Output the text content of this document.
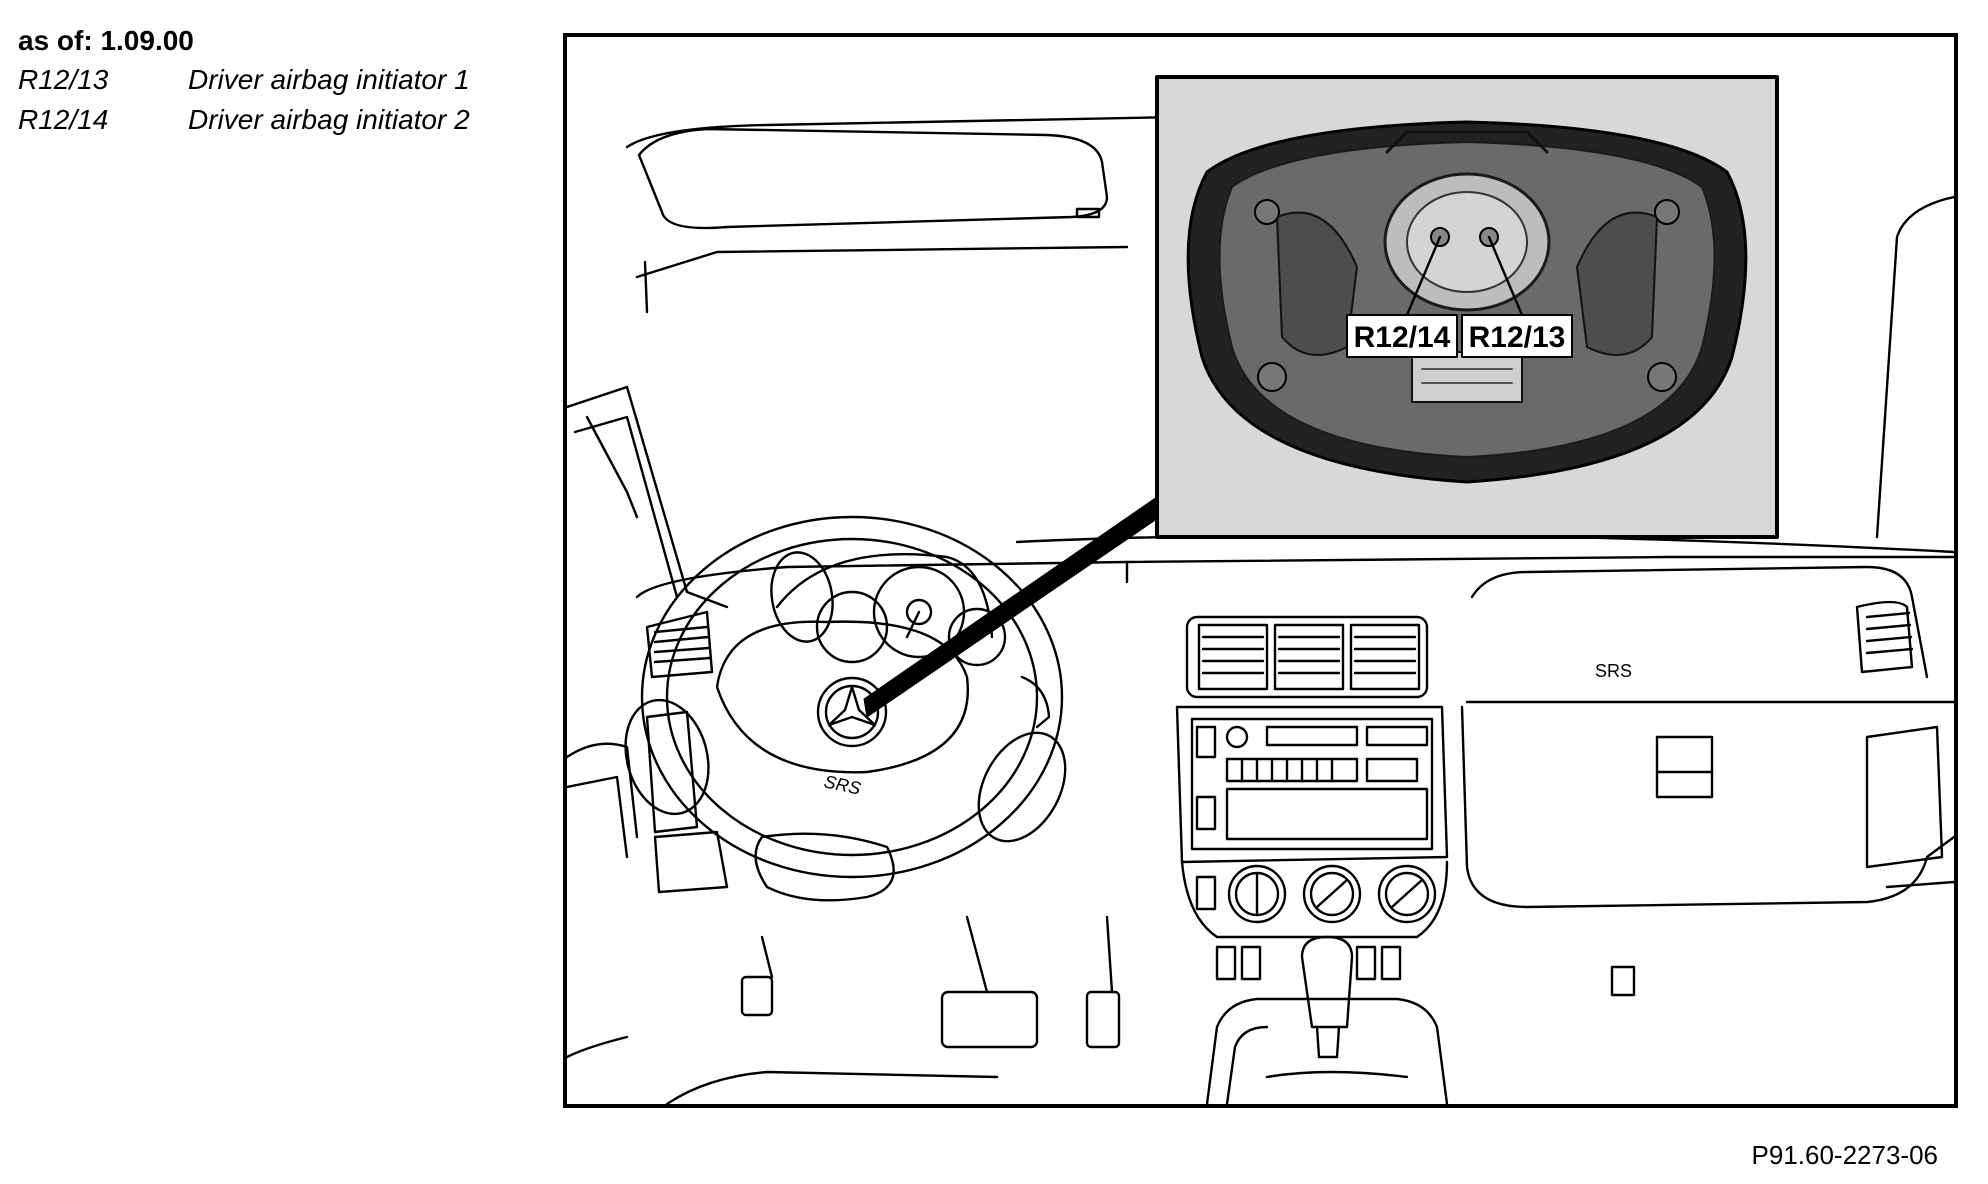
as of: 1.09.00
R12/13	Driver airbag initiator 1
R12/14	Driver airbag initiator 2
SRS
SRS
R12/14 R12/13
P91.60-2273-06
